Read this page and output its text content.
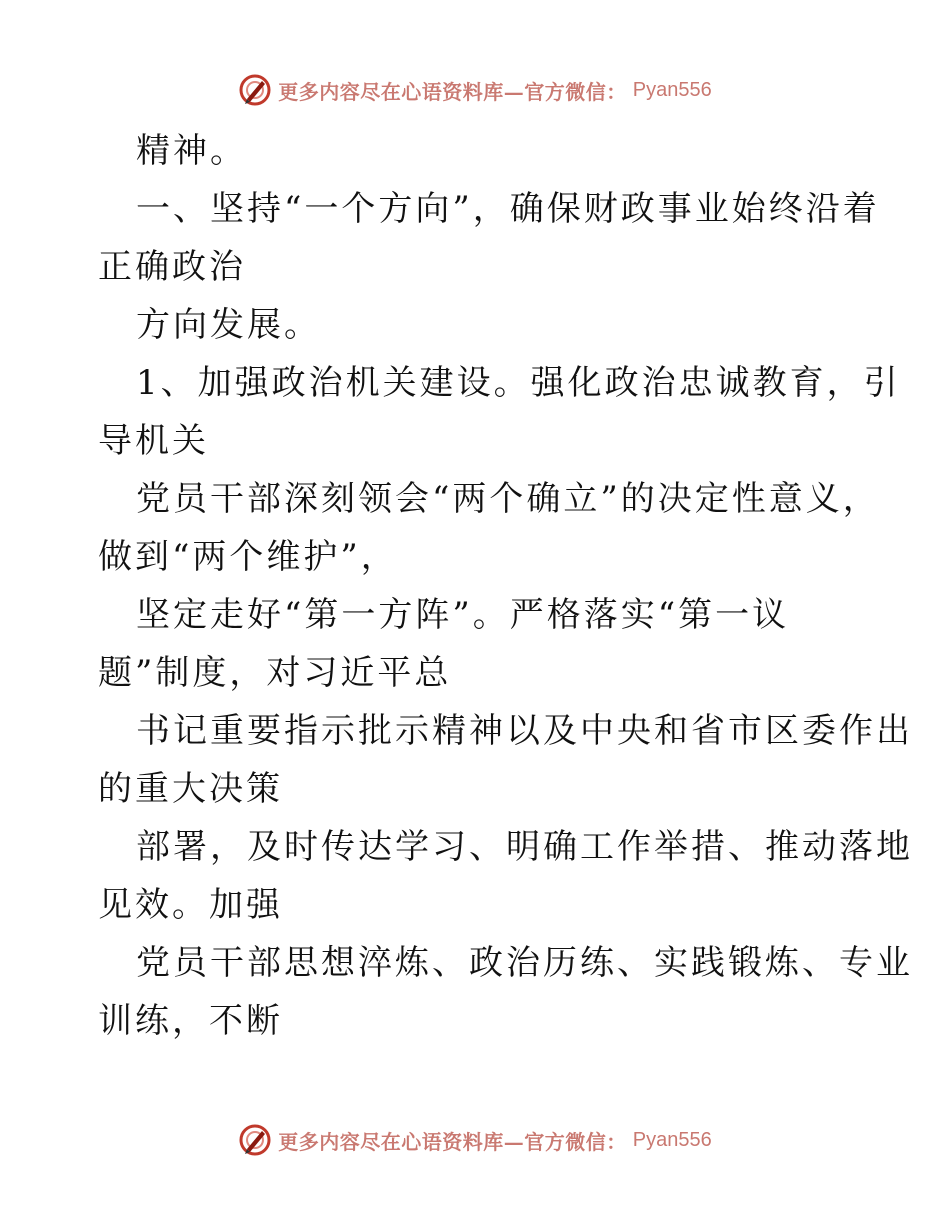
更多内容尽在心语资料库—官方微信： Pyan556
精神。
一、坚持“一个方向”，确保财政事业始终沿着
正确政治
方向发展。
1、加强政治机关建设。强化政治忠诚教育，引
导机关
党员干部深刻领会“两个确立”的决定性意义，
做到“两个维护”，
坚定走好“第一方阵”。严格落实“第一议
题”制度，对习近平总
书记重要指示批示精神以及中央和省市区委作出
的重大决策
部署，及时传达学习、明确工作举措、推动落地
见效。加强
党员干部思想淬炼、政治历练、实践锻炼、专业
训练，不断
更多内容尽在心语资料库—官方微信： Pyan556
